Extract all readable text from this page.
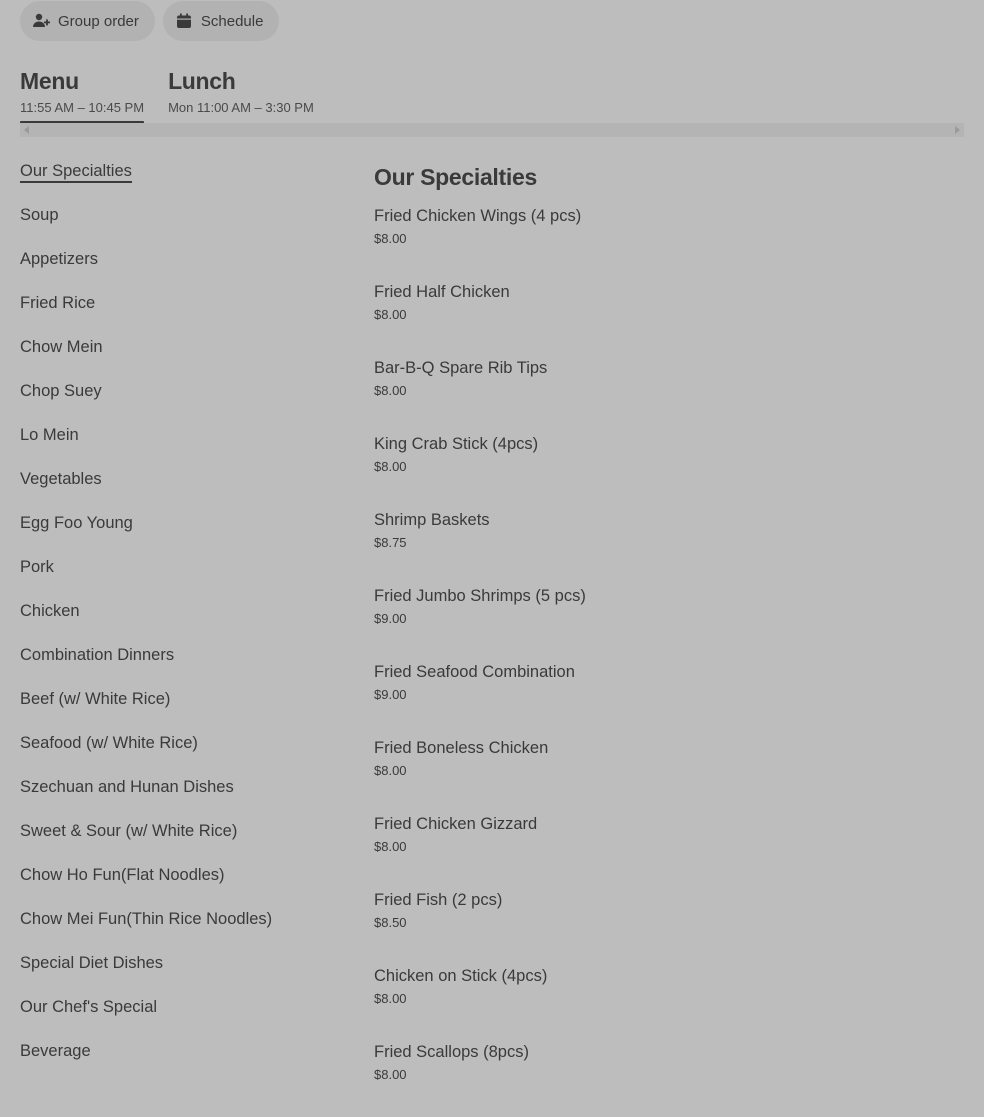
Group order	Schedule
Menu
11:55 AM – 10:45 PM
Lunch
Mon 11:00 AM – 3:30 PM
Our Specialties
Soup
Appetizers
Fried Rice
Chow Mein
Chop Suey
Lo Mein
Vegetables
Egg Foo Young
Pork
Chicken
Combination Dinners
Beef (w/ White Rice)
Seafood (w/ White Rice)
Szechuan and Hunan Dishes
Sweet & Sour (w/ White Rice)
Chow Ho Fun(Flat Noodles)
Chow Mei Fun(Thin Rice Noodles)
Special Diet Dishes
Our Chef's Special
Beverage
Our Specialties
Fried Chicken Wings (4 pcs)
$8.00
Fried Half Chicken
$8.00
Bar-B-Q Spare Rib Tips
$8.00
King Crab Stick (4pcs)
$8.00
Shrimp Baskets
$8.75
Fried Jumbo Shrimps (5 pcs)
$9.00
Fried Seafood Combination
$9.00
Fried Boneless Chicken
$8.00
Fried Chicken Gizzard
$8.00
Fried Fish (2 pcs)
$8.50
Chicken on Stick (4pcs)
$8.00
Fried Scallops (8pcs)
$8.00
